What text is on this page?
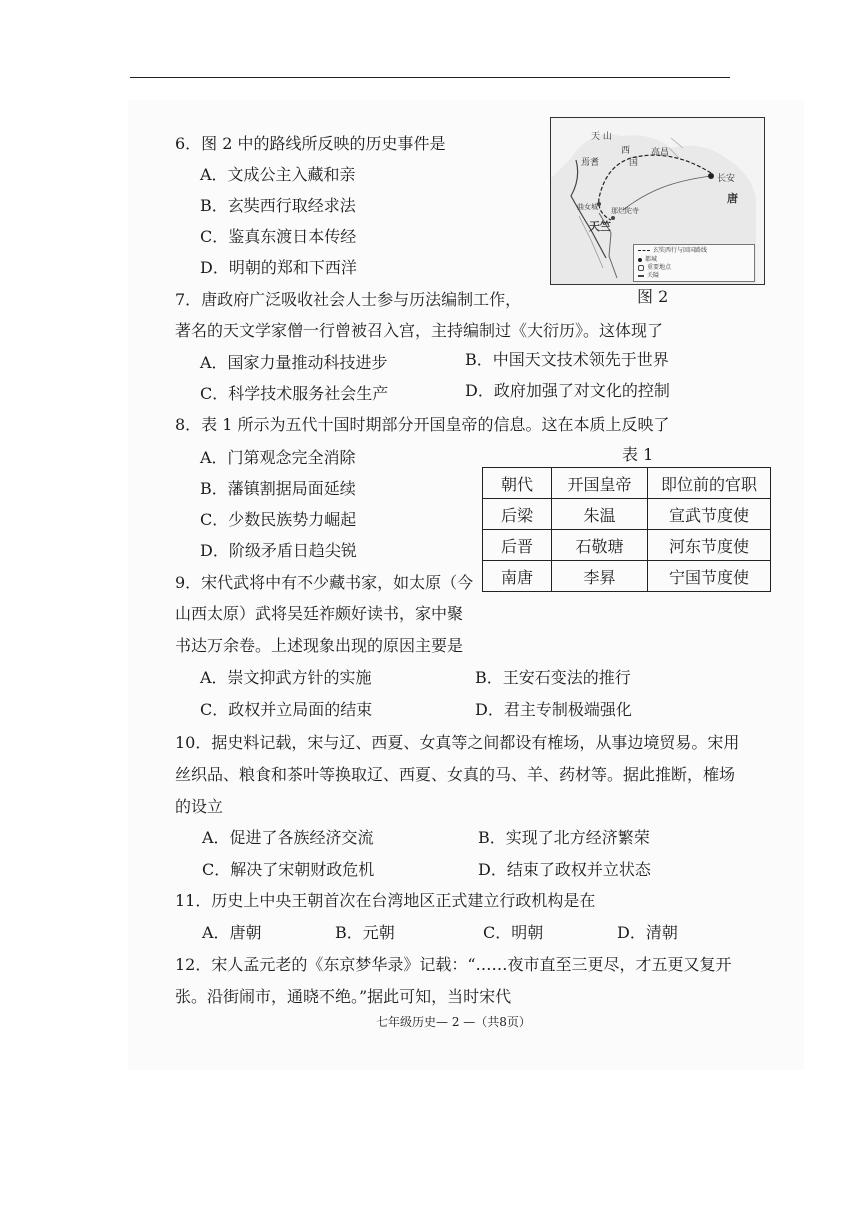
6．图 2 中的路线所反映的历史事件是
A．文成公主入藏和亲
B．玄奘西行取经求法
C．鉴真东渡日本传经
D．明朝的郑和下西洋
天 山
西
国
焉耆
高昌
长安
唐
天竺
曲女城 那烂陀寺
玄奘西行与回国路线
都城
重要地点
关隘
图 2
7．唐政府广泛吸收社会人士参与历法编制工作，
著名的天文学家僧一行曾被召入宫，主持编制过《大衍历》。这体现了
A．国家力量推动科技进步	B．中国天文技术领先于世界
C．科学技术服务社会生产	D．政府加强了对文化的控制
8．表 1 所示为五代十国时期部分开国皇帝的信息。这在本质上反映了
A．门第观念完全消除
B．藩镇割据局面延续
C．少数民族势力崛起
D．阶级矛盾日趋尖锐
表 1
朝代	开国皇帝	即位前的官职
后梁	朱温	宣武节度使
后晋	石敬瑭	河东节度使
南唐	李昪	宁国节度使
9．宋代武将中有不少藏书家，如太原（今
山西太原）武将吴廷祚颇好读书，家中聚
书达万余卷。上述现象出现的原因主要是
A．崇文抑武方针的实施	B．王安石变法的推行
C．政权并立局面的结束	D．君主专制极端强化
10．据史料记载，宋与辽、西夏、女真等之间都设有榷场，从事边境贸易。宋用
丝织品、粮食和茶叶等换取辽、西夏、女真的马、羊、药材等。据此推断，榷场
的设立
A．促进了各族经济交流	B．实现了北方经济繁荣
C．解决了宋朝财政危机	D．结束了政权并立状态
11．历史上中央王朝首次在台湾地区正式建立行政机构是在
A．唐朝	B．元朝	C．明朝	D．清朝
12．宋人孟元老的《东京梦华录》记载：“……夜市直至三更尽，才五更又复开
张。沿街闹市，通晓不绝。”据此可知，当时宋代
七年级历史— 2 —（共8页）
